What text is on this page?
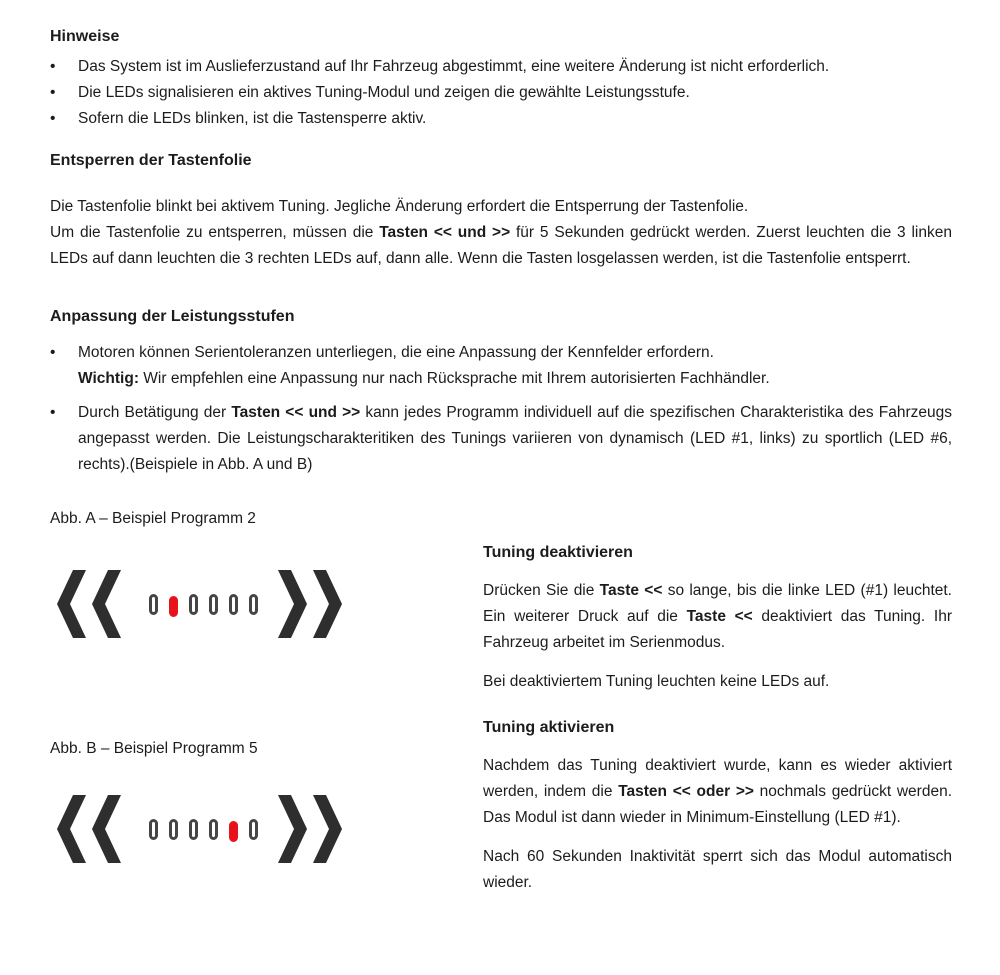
Hinweise
•
Das System ist im Auslieferzustand auf Ihr Fahrzeug abgestimmt, eine weitere Änderung ist nicht erforderlich.
•
Die LEDs signalisieren ein aktives Tuning-Modul und zeigen die gewählte Leistungsstufe.
•
Sofern die LEDs blinken, ist die Tastensperre aktiv.
Entsperren der Tastenfolie

Die Tastenfolie blinkt bei aktivem Tuning. Jegliche Änderung erfordert die Entsperrung der Tastenfolie.

Um die Tastenfolie zu entsperren, müssen die Tasten << und >> für 5 Sekunden gedrückt werden. Zuerst leuchten die 3 linken LEDs auf dann leuchten die 3 rechten LEDs auf, dann alle. Wenn die Tasten losgelassen werden, ist die Tastenfolie entsperrt.

Anpassung der Leistungsstufen
•
Motoren können Serientoleranzen unterliegen, die eine Anpassung der Kennfelder erfordern.
Wichtig: Wir empfehlen eine Anpassung nur nach Rücksprache mit Ihrem autorisierten Fachhändler.
•
Durch Betätigung der Tasten << und >> kann jedes Programm individuell auf die spezifischen Charakteristika des Fahrzeugs angepasst werden. Die Leistungscharakteritiken des Tunings variieren von dynamisch (LED #1, links) zu sportlich (LED #6, rechts).(Beispiele in Abb. A und B)
Abb. A – Beispiel Programm 2
Abb. B – Beispiel Programm 5
Tuning deaktivieren

Drücken Sie die Taste << so lange, bis die linke LED (#1) leuchtet. Ein weiterer Druck auf die Taste << deaktiviert das Tuning. Ihr Fahrzeug arbeitet im Serienmodus.

Bei deaktiviertem Tuning leuchten keine LEDs auf.

Tuning aktivieren

Nachdem das Tuning deaktiviert wurde, kann es wieder aktiviert werden, indem die Tasten << oder >> nochmals gedrückt werden. Das Modul ist dann wieder in Minimum-Einstellung (LED #1).

Nach 60 Sekunden Inaktivität sperrt sich das Modul automatisch wieder.
